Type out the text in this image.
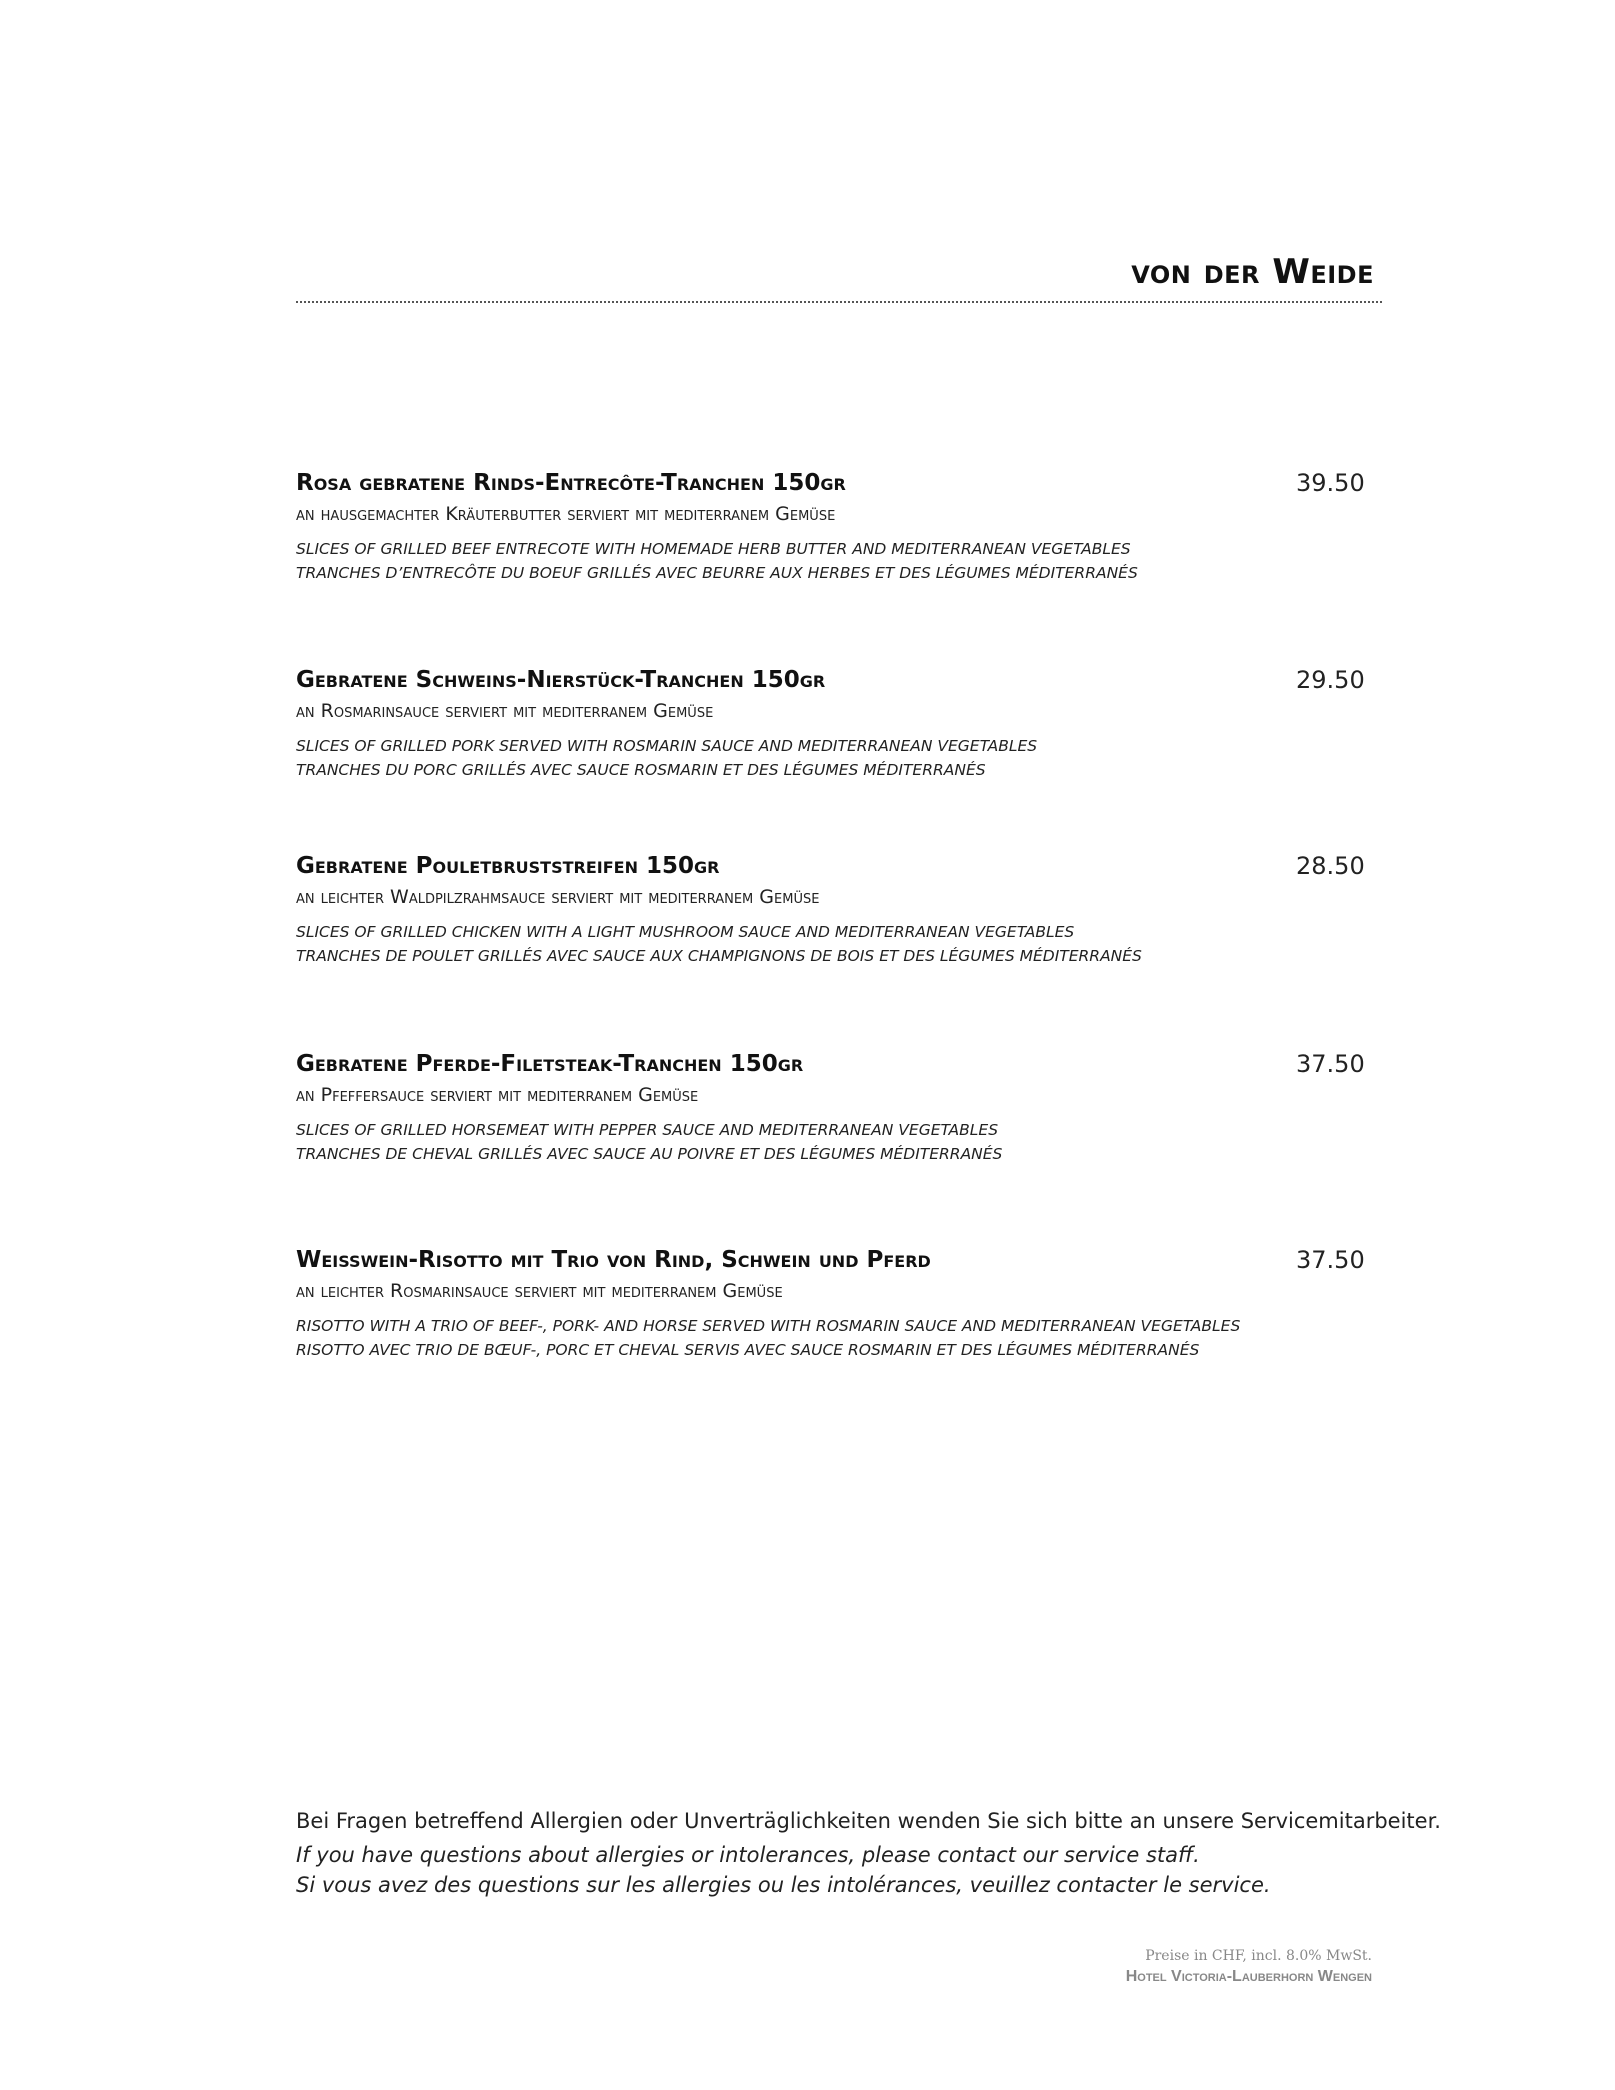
von der Weide
Rosa gebratene Rinds-Entrecôte-Tranchen 150gr	39.50
an hausgemachter Kräuterbutter serviert mit mediterranem Gemüse
SLICES OF GRILLED BEEF ENTRECOTE WITH HOMEMADE HERB BUTTER AND MEDITERRANEAN VEGETABLES
TRANCHES D’ENTRECÔTE DU BOEUF GRILLÉS AVEC BEURRE AUX HERBES ET DES LÉGUMES MÉDITERRANÉS
Gebratene Schweins-Nierstück-Tranchen 150gr	29.50
an Rosmarinsauce serviert mit mediterranem Gemüse
SLICES OF GRILLED PORK SERVED WITH ROSMARIN SAUCE AND MEDITERRANEAN VEGETABLES
TRANCHES DU PORC GRILLÉS AVEC SAUCE ROSMARIN ET DES LÉGUMES MÉDITERRANÉS
Gebratene Pouletbruststreifen 150gr	28.50
an leichter Waldpilzrahmsauce serviert mit mediterranem Gemüse
SLICES OF GRILLED CHICKEN WITH A LIGHT MUSHROOM SAUCE AND MEDITERRANEAN VEGETABLES
TRANCHES DE POULET GRILLÉS AVEC SAUCE AUX CHAMPIGNONS DE BOIS ET DES LÉGUMES MÉDITERRANÉS
Gebratene Pferde-Filetsteak-Tranchen 150gr	37.50
an Pfeffersauce serviert mit mediterranem Gemüse
SLICES OF GRILLED HORSEMEAT WITH PEPPER SAUCE AND MEDITERRANEAN VEGETABLES
TRANCHES DE CHEVAL GRILLÉS AVEC SAUCE AU POIVRE ET DES LÉGUMES MÉDITERRANÉS
Weisswein-Risotto mit Trio von Rind, Schwein und Pferd	37.50
an leichter Rosmarinsauce serviert mit mediterranem Gemüse
RISOTTO WITH A TRIO OF BEEF-, PORK- AND HORSE SERVED WITH ROSMARIN SAUCE AND MEDITERRANEAN VEGETABLES
RISOTTO AVEC TRIO DE BŒUF-, PORC ET CHEVAL SERVIS AVEC SAUCE ROSMARIN ET DES LÉGUMES MÉDITERRANÉS
Bei Fragen betreffend Allergien oder Unverträglichkeiten wenden Sie sich bitte an unsere Servicemitarbeiter.
If you have questions about allergies or intolerances, please contact our service staff.
Si vous avez des questions sur les allergies ou les intolérances, veuillez contacter le service.
Preise in CHF, incl. 8.0% MwSt.
Hotel Victoria-Lauberhorn Wengen
